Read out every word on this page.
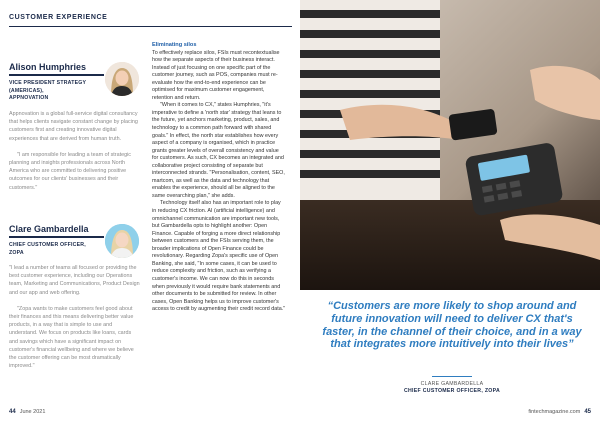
CUSTOMER EXPERIENCE
Alison Humphries
VICE PRESIDENT STRATEGY
(AMERICAS),
APPNOVATION

Appnovation is a global full-service digital consultancy that helps clients navigate constant change by placing customers first and creating innovative digital experiences that are derived from human truth.

"I am responsible for leading a team of strategic planning and insights professionals across North America who are committed to delivering positive outcomes for our clients' businesses and their customers."

Clare Gambardella
CHIEF CUSTOMER OFFICER,
ZOPA

"I lead a number of teams all focused or providing the best customer experience, including our Operations team, Marketing and Communications, Product Design and our app and web offering.

"Zopa wants to make customers feel good about their finances and this means delivering better value products, in a way that is simple to use and understand. We focus on products like loans, cards and savings which have a significant impact on customer's financial wellbeing and where we believe the customer offering can be most dramatically improved."

Eliminating silos

To effectively replace silos, FSIs must recontextualise how the separate aspects of their business interact. Instead of just focusing on one specific part of the customer journey, such as POS, companies must re-evaluate how the end-to-end experience can be optimised for maximum customer engagement, retention and return.

"When it comes to CX," states Humphries, "it's imperative to define a 'north star' strategy that leans to the future, yet anchors marketing, product, sales, and technology to a common path forward with shared goals." In effect, the north star establishes how every aspect of a company is organised, which in practice grants greater levels of overall consistency and value for customers. As such, CX becomes an integrated and collaborative project consisting of separate but interconnected strands. "Personalisation, content, SEO, martcom, as well as the data and technology that enables the experience, should all be aligned to the same overarching plan," she adds.

Technology itself also has an important role to play in reducing CX friction. AI (artificial intelligence) and omnichannel communication are important new tools, but Gambardella opts to highlight another: Open Finance. Capable of forging a more direct relationship between customers and the FSIs serving them, the broader implications of Open Finance could be revolutionary. Regarding Zopa's specific use of Open Banking, she said, "In some cases, it can be used to reduce complexity and friction, such as verifying a customer's income. We can now do this in seconds when previously it would require bank statements and other documents to be submitted for review. In other cases, Open Banking helps us to improve customer's access to credit by augmenting their credit record data."

44 June 2021
“Customers are more likely to shop around and future innovation will need to deliver CX that's faster, in the channel of their choice, and in a way that integrates more intuitively into their lives”
CLARE GAMBARDELLA
CHIEF CUSTOMER OFFICER, ZOPA
fintechmagazine.com 45
